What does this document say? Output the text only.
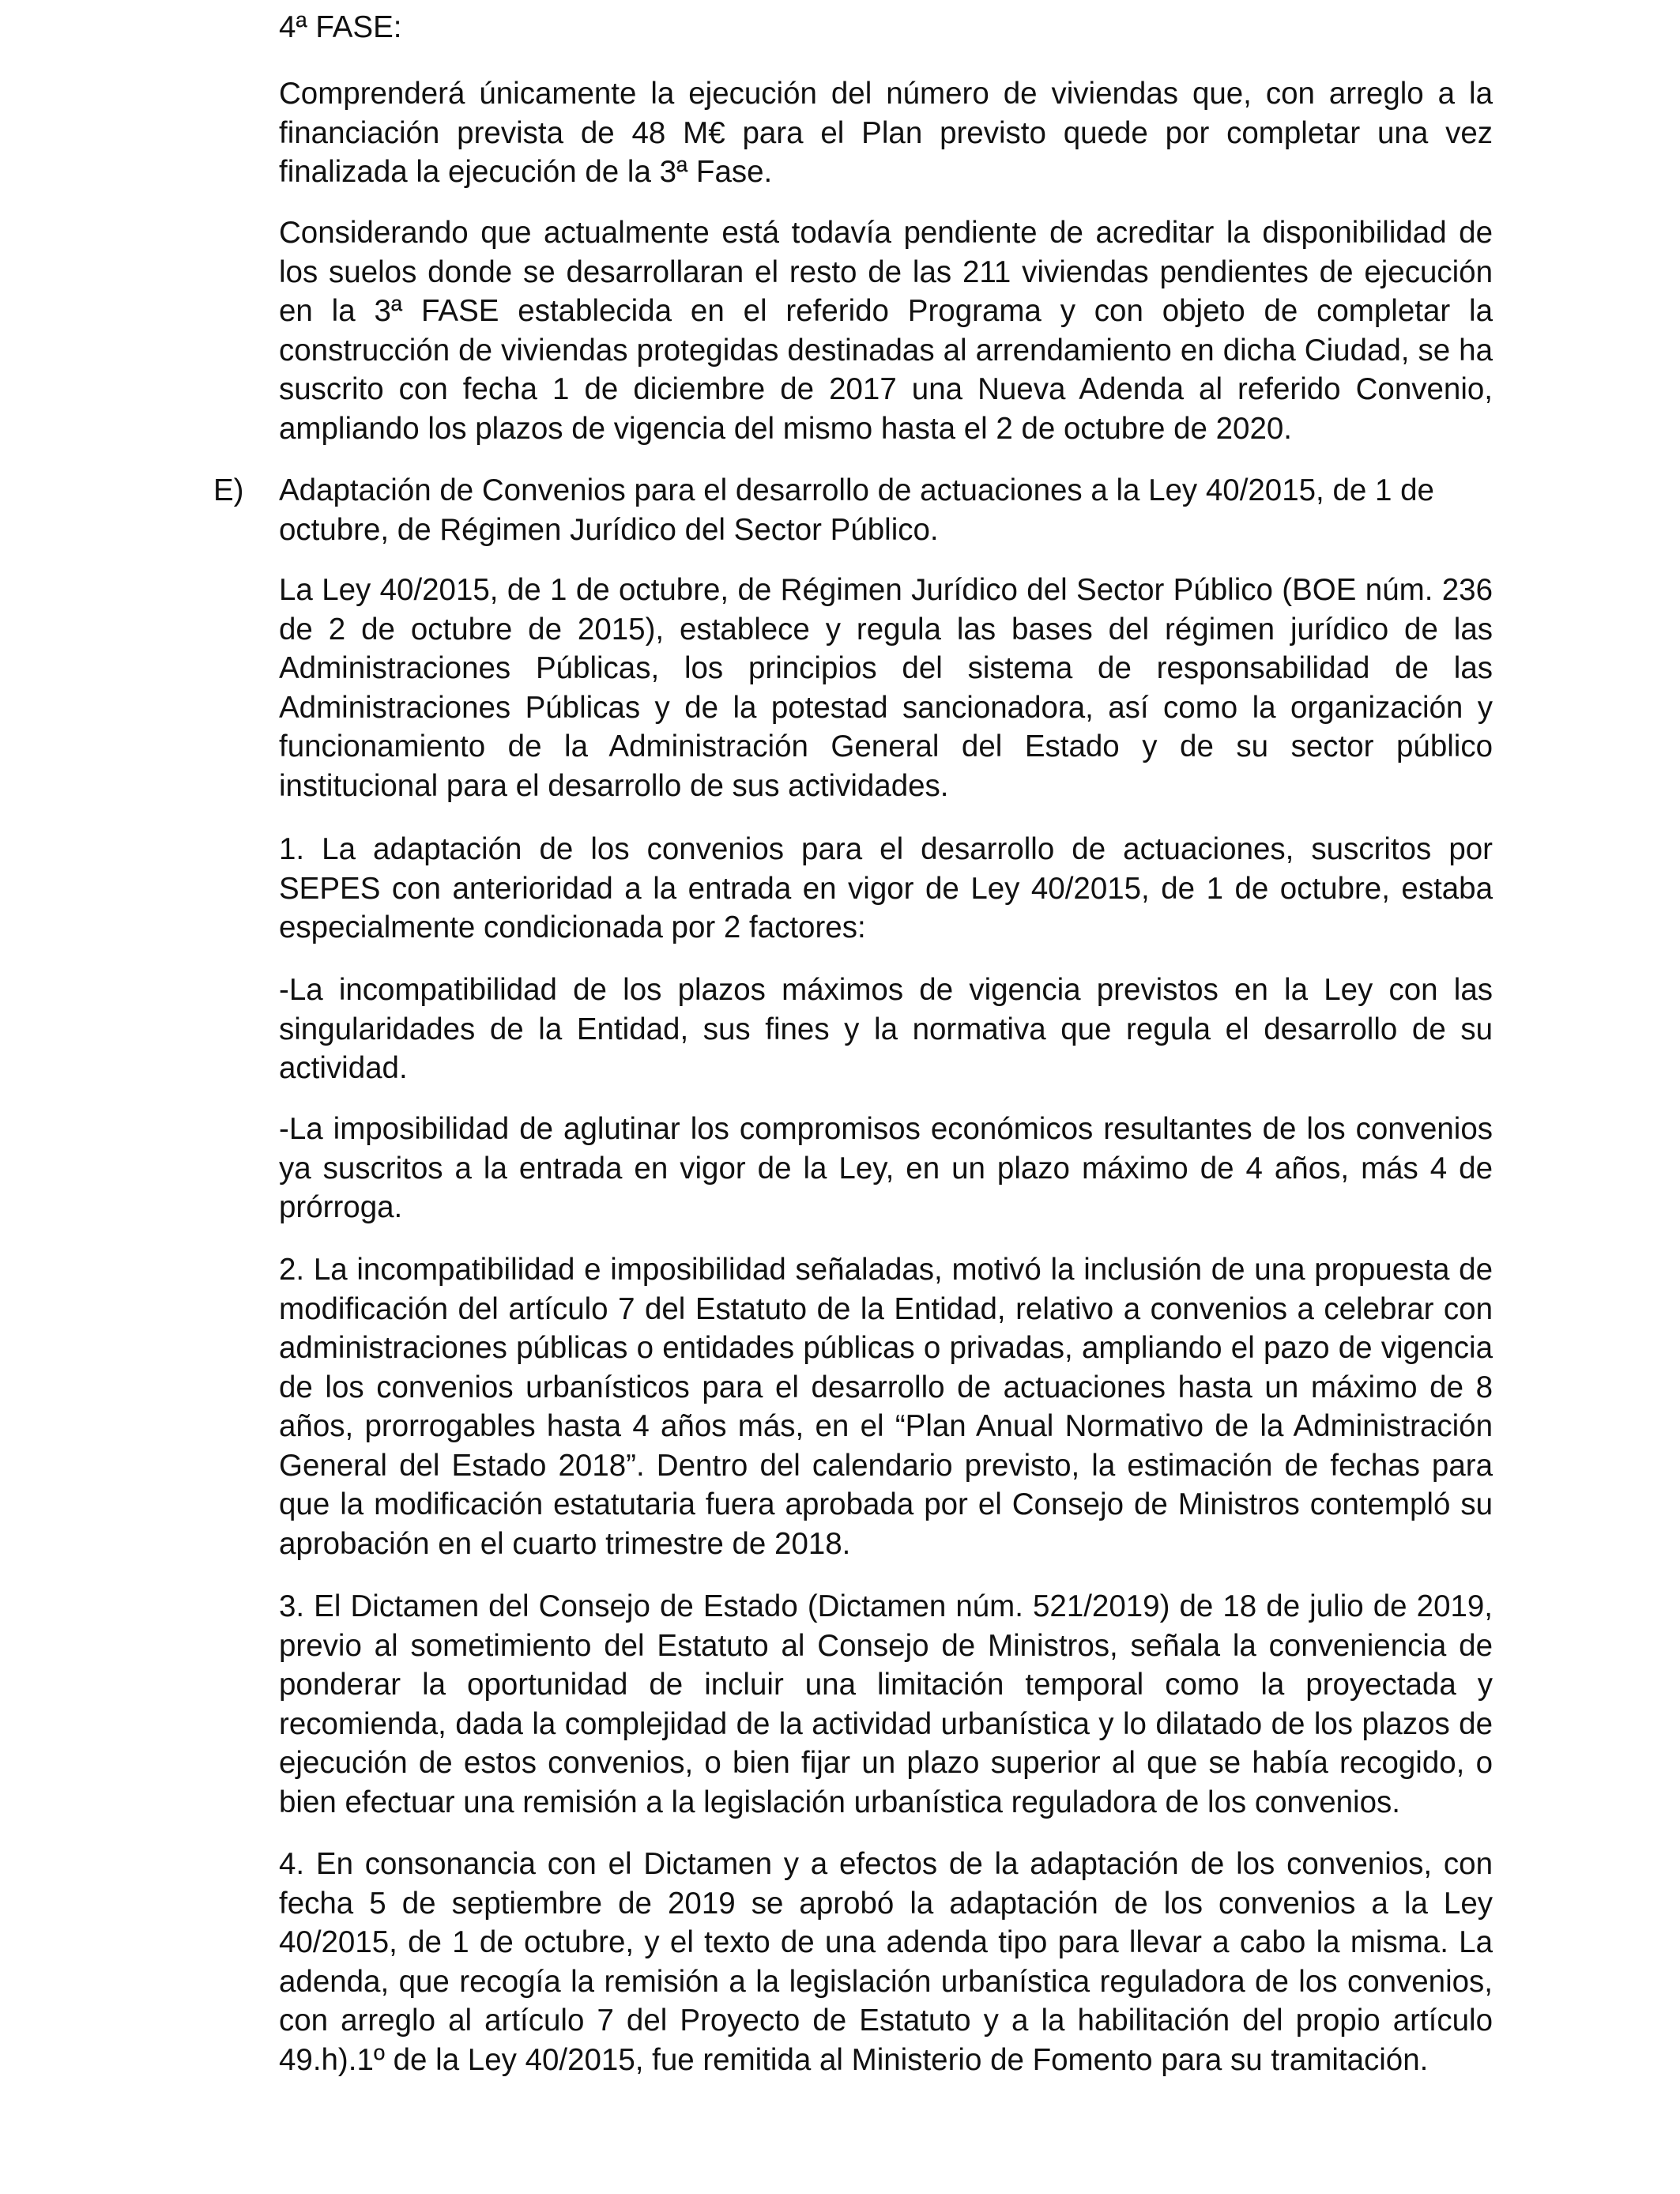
4ª FASE:

Comprenderá únicamente la ejecución del número de viviendas que, con arreglo a la financiación prevista de 48 M€ para el Plan previsto quede por completar una vez finalizada la ejecución de la 3ª Fase.

Considerando que actualmente está todavía pendiente de acreditar la disponibilidad de los suelos donde se desarrollaran el resto de las 211 viviendas pendientes de ejecución en la 3ª FASE establecida en el referido Programa y con objeto de completar la construcción de viviendas protegidas destinadas al arrendamiento en dicha Ciudad, se ha suscrito con fecha 1 de diciembre de 2017 una Nueva Adenda al referido Convenio, ampliando los plazos de vigencia del mismo hasta el 2 de octubre de 2020.

E) Adaptación de Convenios para el desarrollo de actuaciones a la Ley 40/2015, de 1 de octubre, de Régimen Jurídico del Sector Público.

La Ley 40/2015, de 1 de octubre, de Régimen Jurídico del Sector Público (BOE núm. 236 de 2 de octubre de 2015), establece y regula las bases del régimen jurídico de las Administraciones Públicas, los principios del sistema de responsabilidad de las Administraciones Públicas y de la potestad sancionadora, así como la organización y funcionamiento de la Administración General del Estado y de su sector público institucional para el desarrollo de sus actividades.

1. La adaptación de los convenios para el desarrollo de actuaciones, suscritos por SEPES con anterioridad a la entrada en vigor de Ley 40/2015, de 1 de octubre, estaba especialmente condicionada por 2 factores:

-La incompatibilidad de los plazos máximos de vigencia previstos en la Ley con las singularidades de la Entidad, sus fines y la normativa que regula el desarrollo de su actividad.

-La imposibilidad de aglutinar los compromisos económicos resultantes de los convenios ya suscritos a la entrada en vigor de la Ley, en un plazo máximo de 4 años, más 4 de prórroga.

2. La incompatibilidad e imposibilidad señaladas, motivó la inclusión de una propuesta de modificación del artículo 7 del Estatuto de la Entidad, relativo a convenios a celebrar con administraciones públicas o entidades públicas o privadas, ampliando el pazo de vigencia de los convenios urbanísticos para el desarrollo de actuaciones hasta un máximo de 8 años, prorrogables hasta 4 años más, en el “Plan Anual Normativo de la Administración General del Estado 2018”. Dentro del calendario previsto, la estimación de fechas para que la modificación estatutaria fuera aprobada por el Consejo de Ministros contempló su aprobación en el cuarto trimestre de 2018.

3. El Dictamen del Consejo de Estado (Dictamen núm. 521/2019) de 18 de julio de 2019, previo al sometimiento del Estatuto al Consejo de Ministros, señala la conveniencia de ponderar la oportunidad de incluir una limitación temporal como la proyectada y recomienda, dada la complejidad de la actividad urbanística y lo dilatado de los plazos de ejecución de estos convenios, o bien fijar un plazo superior al que se había recogido, o bien efectuar una remisión a la legislación urbanística reguladora de los convenios.

4. En consonancia con el Dictamen y a efectos de la adaptación de los convenios, con fecha 5 de septiembre de 2019 se aprobó la adaptación de los convenios a la Ley 40/2015, de 1 de octubre, y el texto de una adenda tipo para llevar a cabo la misma. La adenda, que recogía la remisión a la legislación urbanística reguladora de los convenios, con arreglo al artículo 7 del Proyecto de Estatuto y a la habilitación del propio artículo 49.h).1º de la Ley 40/2015, fue remitida al Ministerio de Fomento para su tramitación.
